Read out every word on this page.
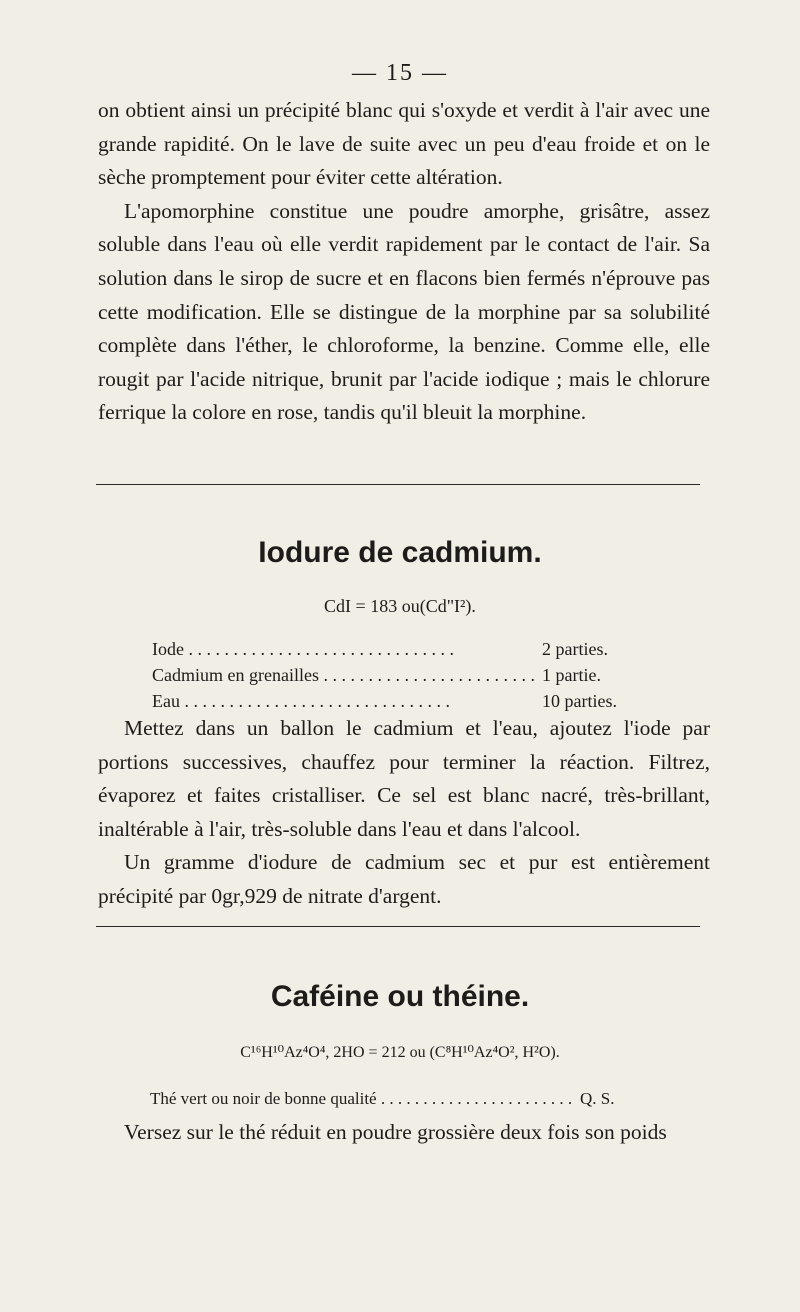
— 15 —

on obtient ainsi un précipité blanc qui s'oxyde et verdit à l'air avec une grande rapidité. On le lave de suite avec un peu d'eau froide et on le sèche promptement pour éviter cette altération.

L'apomorphine constitue une poudre amorphe, grisâtre, assez soluble dans l'eau où elle verdit rapidement par le contact de l'air. Sa solution dans le sirop de sucre et en flacons bien fermés n'éprouve pas cette modification. Elle se distingue de la morphine par sa solubilité complète dans l'éther, le chloroforme, la benzine. Comme elle, elle rougit par l'acide nitrique, brunit par l'acide iodique ; mais le chlorure ferrique la colore en rose, tandis qu'il bleuit la morphine.

Iodure de cadmium.
CdI = 183 ou(Cd"I²).
Iode . . .	2 parties.
Cadmium en grenailles . . .	1 partie.
Eau . . .	10 parties.

Mettez dans un ballon le cadmium et l'eau, ajoutez l'iode par portions successives, chauffez pour terminer la réaction. Filtrez, évaporez et faites cristalliser. Ce sel est blanc nacré, très-brillant, inaltérable à l'air, très-soluble dans l'eau et dans l'alcool.

Un gramme d'iodure de cadmium sec et pur est entièrement précipité par 0gr,929 de nitrate d'argent.

Caféine ou théine.
C¹⁶H¹⁰Az⁴O⁴, 2HO = 212 ou (C⁸H¹⁰Az⁴O², H²O).
Thé vert ou noir de bonne qualité . . .	Q. S.

Versez sur le thé réduit en poudre grossière deux fois son poids
